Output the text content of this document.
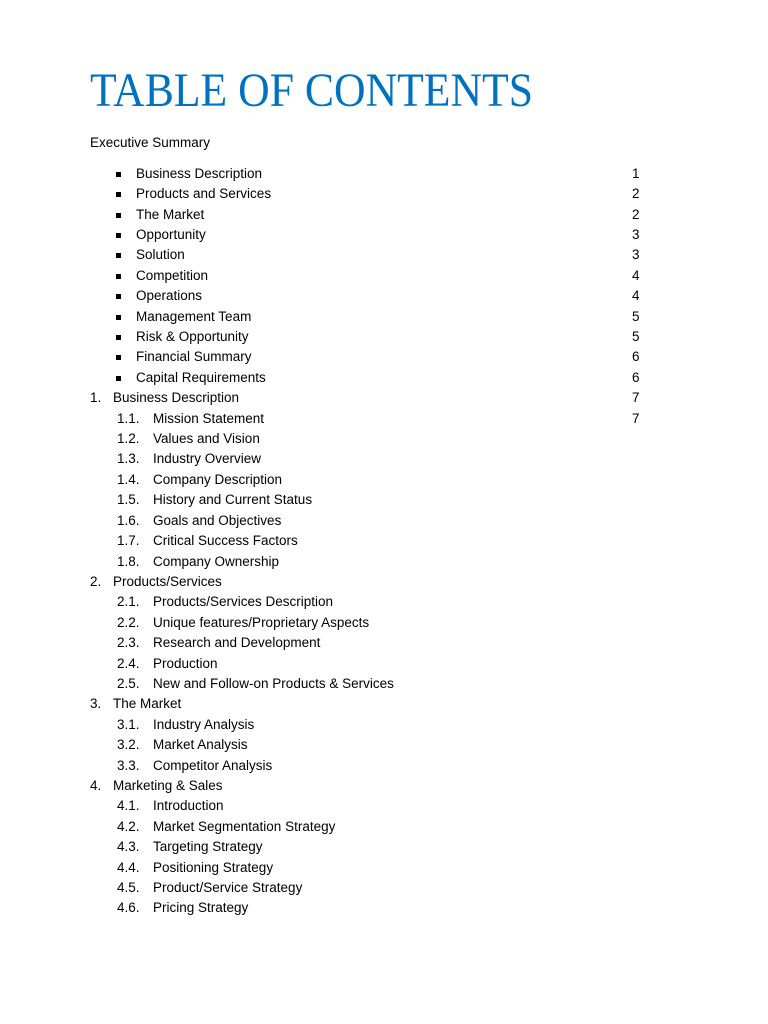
TABLE OF CONTENTS
Executive Summary
Business Description	1
Products and Services	2
The Market	2
Opportunity	3
Solution	3
Competition	4
Operations	4
Management Team	5
Risk & Opportunity	5
Financial Summary	6
Capital Requirements	6
1. Business Description	7
1.1. Mission Statement	7
1.2. Values and Vision
1.3. Industry Overview
1.4. Company Description
1.5. History and Current Status
1.6. Goals and Objectives
1.7. Critical Success Factors
1.8. Company Ownership
2. Products/Services
2.1. Products/Services Description
2.2. Unique features/Proprietary Aspects
2.3. Research and Development
2.4. Production
2.5. New and Follow-on Products & Services
3. The Market
3.1. Industry Analysis
3.2. Market Analysis
3.3. Competitor Analysis
4. Marketing & Sales
4.1. Introduction
4.2. Market Segmentation Strategy
4.3. Targeting Strategy
4.4. Positioning Strategy
4.5. Product/Service Strategy
4.6. Pricing Strategy
